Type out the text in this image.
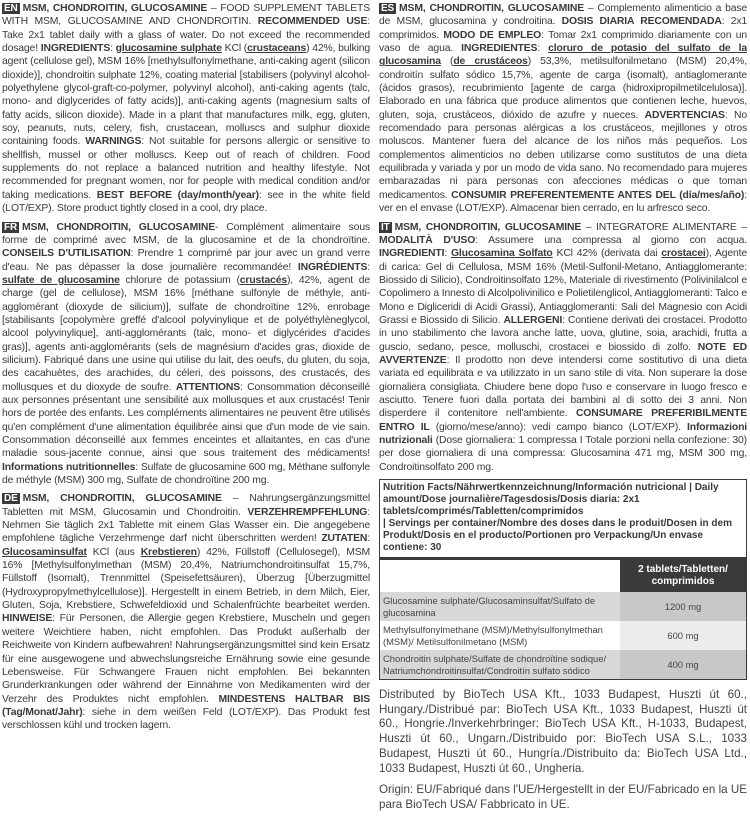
EN MSM, CHONDROITIN, GLUCOSAMINE – FOOD SUPPLEMENT TABLETS WITH MSM, GLUCOSAMINE AND CHONDROITIN. RECOMMENDED USE: Take 2x1 tablet daily with a glass of water. Do not exceed the recommended dosage! INGREDIENTS: glucosamine sulphate KCl (crustaceans) 42%, bulking agent (cellulose gel), MSM 16% [methylsulfonylmethane, anti-caking agent (silicon dioxide)], chondroitin sulphate 12%, coating material [stabilisers (polyvinyl alcohol-polyethylene glycol-graft-co-polymer, polyvinyl alcohol), anti-caking agents (talc, mono- and diglycerides of fatty acids)], anti-caking agents (magnesium salts of fatty acids, silicon dioxide). Made in a plant that manufactures milk, egg, gluten, soy, peanuts, nuts, celery, fish, crustacean, molluscs and sulphur dioxide containing foods. WARNINGS: Not suitable for persons allergic or sensitive to shellfish, mussel or other molluscs. Keep out of reach of children. Food supplements do not replace a balanced nutrition and healthy lifestyle. Not recommended for pregnant women, nor for people with medical condition and/or taking medications. BEST BEFORE (day/month/year): see in the white field (LOT/EXP). Store product tightly closed in a cool, dry place.

FR MSM, CHONDROITIN, GLUCOSAMINE- Complément alimentaire sous forme de comprimé avec MSM, de la glucosamine et de la chondroïtine. CONSEILS D'UTILISATION: Prendre 1 comprimé par jour avec un grand verre d'eau. Ne pas dépasser la dose journalière recommandée! INGRÉDIENTS: sulfate de glucosamine chlorure de potassium (crustacés), 42%, agent de charge (gel de cellulose), MSM 16% [méthane sulfonyle de méthyle, anti-agglomérant (dioxyde de silicium)], sulfate de chondroïtine 12%, enrobage [stabilisants [copolymère greffé d'alcool polyvinylique et de polyéthylèneglycol, alcool polyvinylique], anti-agglomérants (talc, mono- et diglycérides d'acides gras)], agents anti-agglomérants (sels de magnésium d'acides gras, dioxide de silicium). Fabriqué dans une usine qui utilise du lait, des oeufs, du gluten, du soja, des cacahuètes, des arachides, du céleri, des poissons, des crustacés, des mollusques et du dioxyde de soufre. ATTENTIONS: Consommation déconseillé aux personnes présentant une sensibilité aux mollusques et aux crustacés! Tenir hors de portée des enfants. Les compléments alimentaires ne peuvent être utilisés qu'en complément d'une alimentation équilibrée ainsi que d'un mode de vie sain. Consommation déconseillé aux femmes enceintes et allaitantes, en cas d'une maladie sous-jacente connue, ainsi que sous traitement des médicaments! Informations nutritionnelles: Sulfate de glucosamine 600 mg, Méthane sulfonyle de méthyle (MSM) 300 mg, Sulfate de chondroïtine 200 mg.

DE MSM, CHONDROITIN, GLUCOSAMINE – Nahrungsergänzungsmittel Tabletten mit MSM, Glucosamin und Chondroitin. VERZEHREMPFEHLUNG: Nehmen Sie täglich 2x1 Tablette mit einem Glas Wasser ein. Die angegebene empfohlene tägliche Verzehrmenge darf nicht überschritten werden! ZUTATEN: Glucosaminsulfat KCl (aus Krebstieren) 42%, Füllstoff (Cellulosegel), MSM 16% [Methylsulfonylmethan (MSM) 20,4%, Natriumchondroitinsulfat 15,7%, Füllstoff (Isomalt), Trennmittel (Speisefettsäuren), Überzug [Überzugmittel (Hydroxypropylmethylcellulose)]. Hergestellt in einem Betrieb, in dem Milch, Eier, Gluten, Soja, Krebstiere, Schwefeldioxid und Schalenfrüchte bearbeitet werden. HINWEISE: Für Personen, die Allergie gegen Krebstiere, Muscheln und gegen weitere Weichtiere haben, nicht empfohlen. Das Produkt außerhalb der Reichweite von Kindern aufbewahren! Nahrungsergänzungsmittel sind kein Ersatz für eine ausgewogene und abwechslungsreiche Ernährung sowie eine gesunde Lebensweise. Für Schwangere Frauen nicht empfohlen. Bei bekannten Grunderkrankungen oder während der Einnahme von Medikamenten wird der Verzehr des Produktes nicht empfohlen. MINDESTENS HALTBAR BIS (Tag/Monat/Jahr): siehe in dem weißen Feld (LOT/EXP). Das Produkt fest verschlossen kühl und trocken lagern.

ES MSM, CHONDROITIN, GLUCOSAMINE – Complemento alimenticio a base de MSM, glucosamina y condroitina. DOSIS DIARIA RECOMENDADA: 2x1 comprimidos. MODO DE EMPLEO: Tomar 2x1 comprimido diariamente con un vaso de agua. INGREDIENTES: cloruro de potasio del sulfato de la glucosamina (de crustáceos) 53,3%, metilsulfonilmetano (MSM) 20,4%, condroitín sulfato sódico 15,7%, agente de carga (isomalt), antiaglomerante (ácidos grasos), recubrimiento [agente de carga (hidroxipropilmetilcelulosa)]. Elaborado en una fábrica que produce alimentos que contienen leche, huevos, gluten, soja, crustáceos, dióxido de azufre y nueces. ADVERTENCIAS: No recomendado para personas alérgicas a los crustáceos, mejillones y otros moluscos. Mantener fuera del alcance de los niños más pequeños. Los complementos alimenticios no deben utilizarse como sustitutos de una dieta equilibrada y variada y por un modo de vida sano. No recomendado para mujeres embarazadas ni para personas con afecciones médicas o que toman medicamentos. CONSUMIR PREFERENTEMENTE ANTES DEL (día/mes/año): ver en el envase (LOT/EXP). Almacenar bien cerrado, en lu arfresco seco.

IT MSM, CHONDROITIN, GLUCOSAMINE – INTEGRATORE ALIMENTARE – MODALITÀ D'USO: Assumere una compressa al giorno con acqua. INGREDIENTI: Glucosamina Solfato KCl 42% (derivata dai crostacei), Agente di carica: Gel di Cellulosa, MSM 16% (Metil-Sulfonil-Metano, Antiagglomerante: Biossido di Silicio), Condroitinsolfato 12%, Materiale di rivestimento (Polivinilalcol e Copolimero a Innesto di Alcolpolivinilico e Polietilenglicol, Antiagglomeranti: Talco e Mono e Digliceridi di Acidi Grassi), Antiagglomeranti: Sali del Magnesio con Acidi Grassi e Biossido di Silicio. ALLERGENI: Contiene derivati dei crostacei. Prodotto in uno stabilimento che lavora anche latte, uova, glutine, soia, arachidi, frutta a guscio, sedano, pesce, molluschi, crostacei e biossido di zolfo. NOTE ED AVVERTENZE: Il prodotto non deve intendersi come sostitutivo di una dieta variata ed equilibrata e va utilizzato in un sano stile di vita. Non superare la dose giornaliera consigliata. Chiudere bene dopo l'uso e conservare in luogo fresco e asciutto. Tenere fuori dalla portata dei bambini al di sotto dei 3 anni. Non disperdere il contenitore nell'ambiente. CONSUMARE PREFERIBILMENTE ENTRO IL (giorno/mese/anno): vedi campo bianco (LOT/EXP). Informazioni nutrizionali (Dose giornaliera: 1 compressa I Totale porzioni nella confezione: 30) per dose giornaliera di una compressa: Glucosamina 471 mg, MSM 300 mg, Condroitinsolfato 200 mg.

Nutrition Facts/Nährwertkennzeichnung/Información nutricional | Daily amount/Dose journalière/Tagesdosis/Dosis diaria: 2x1 tablets/comprimés/Tabletten/comprimidos
| Servings per container/Nombre des doses dans le produit/Dosen in dem Produkt/Dosis en el producto/Portionen pro Verpackung/Un envase contiene: 30
	2 tablets/Tabletten/ comprimidos
Glucosamine sulphate/Glucosaminsulfat/Sulfato de glucosamina	1200 mg
Methylsulfonylmethane (MSM)/Methylsulfonylmethan (MSM)/ Metilsulfonilmetano (MSM)	600 mg
Chondroitin sulphate/Sulfate de chondroïtine sodique/ Natriumchondroitinsulfat/Condroitín sulfato sódico	400 mg

Distributed by BioTech USA Kft., 1033 Budapest, Huszti út 60., Hungary./Distribué par: BioTech USA Kft., 1033 Budapest, Huszti út 60., Hongrie./Inverkehrbringer: BioTech USA Kft., H-1033, Budapest, Huszti út 60., Ungarn./Distribuido por: BioTech USA S.L., 1033 Budapest, Huszti út 60., Hungría./Distribuito da: BioTech USA Ltd., 1033 Budapest, Huszti út 60., Ungheria.

Origin: EU/Fabriqué dans l'UE/Hergestellt in der EU/Fabricado en la UE para BioTech USA/ Fabbricato in UE.
